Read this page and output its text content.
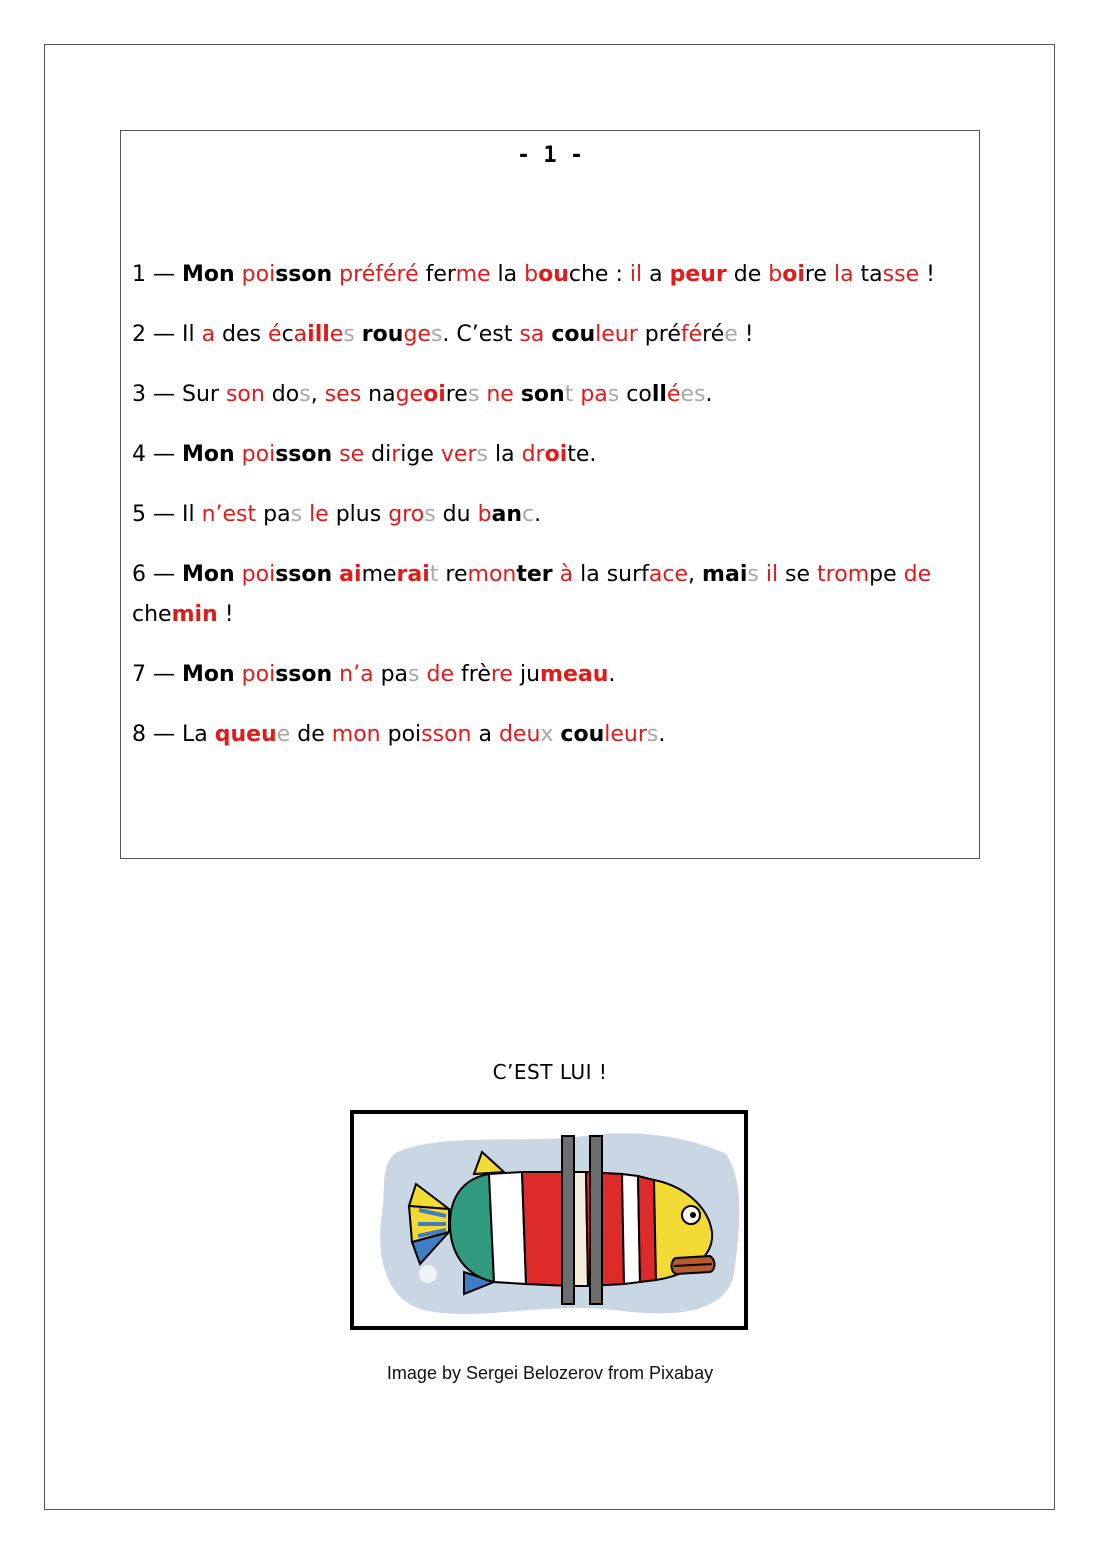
- 1 -

1 — Mon poisson préféré ferme la bouche : il a peur de boire la tasse !

2 — Il a des écailles rouges. C’est sa couleur préférée !

3 — Sur son dos, ses nageoires ne sont pas collées.

4 — Mon poisson se dirige vers la droite.

5 — Il n’est pas le plus gros du banc.

6 — Mon poisson aimerait remonter à la surface, mais il se trompe de chemin !

7 — Mon poisson n’a pas de frère jumeau.

8 — La queue de mon poisson a deux couleurs.

C’EST LUI !
Image by Sergei Belozerov from Pixabay
